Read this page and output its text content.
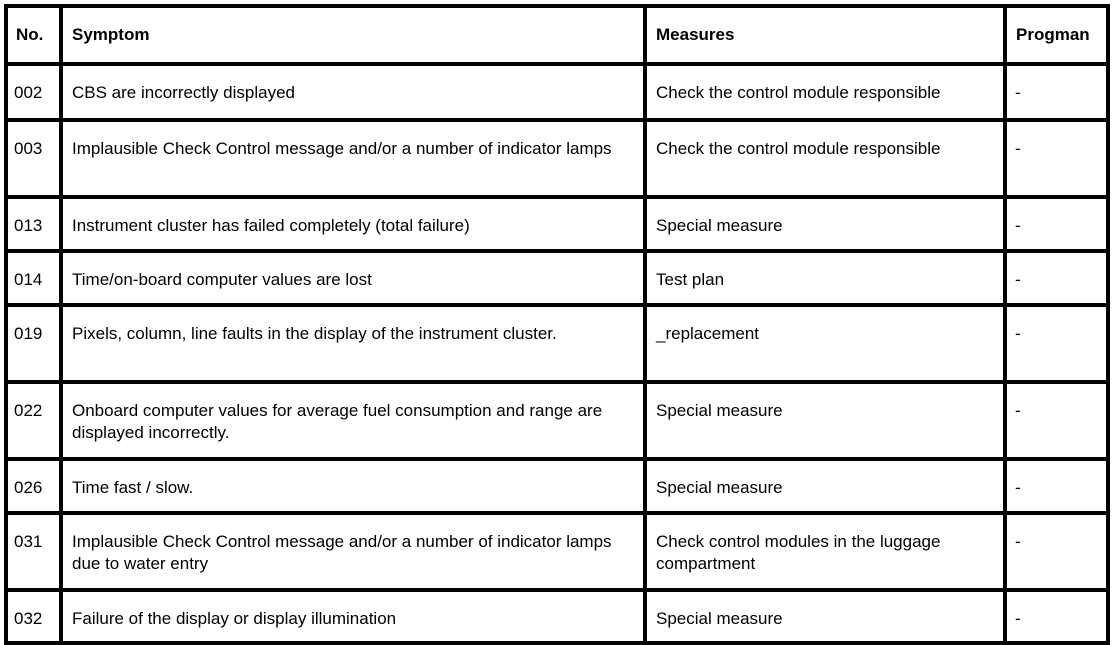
No.	Symptom	Measures	Progman
002	CBS are incorrectly displayed	Check the control module responsible	-
003	Implausible Check Control message and/or a number of indicator lamps	Check the control module responsible	-
013	Instrument cluster has failed completely (total failure)	Special measure	-
014	Time/on-board computer values are lost	Test plan	-
019	Pixels, column, line faults in the display of the instrument cluster.	_replacement	-
022	Onboard computer values for average fuel consumption and range are displayed incorrectly.	Special measure	-
026	Time fast / slow.	Special measure	-
031	Implausible Check Control message and/or a number of indicator lamps due to water entry	Check control modules in the luggage compartment	-
032	Failure of the display or display illumination	Special measure	-
